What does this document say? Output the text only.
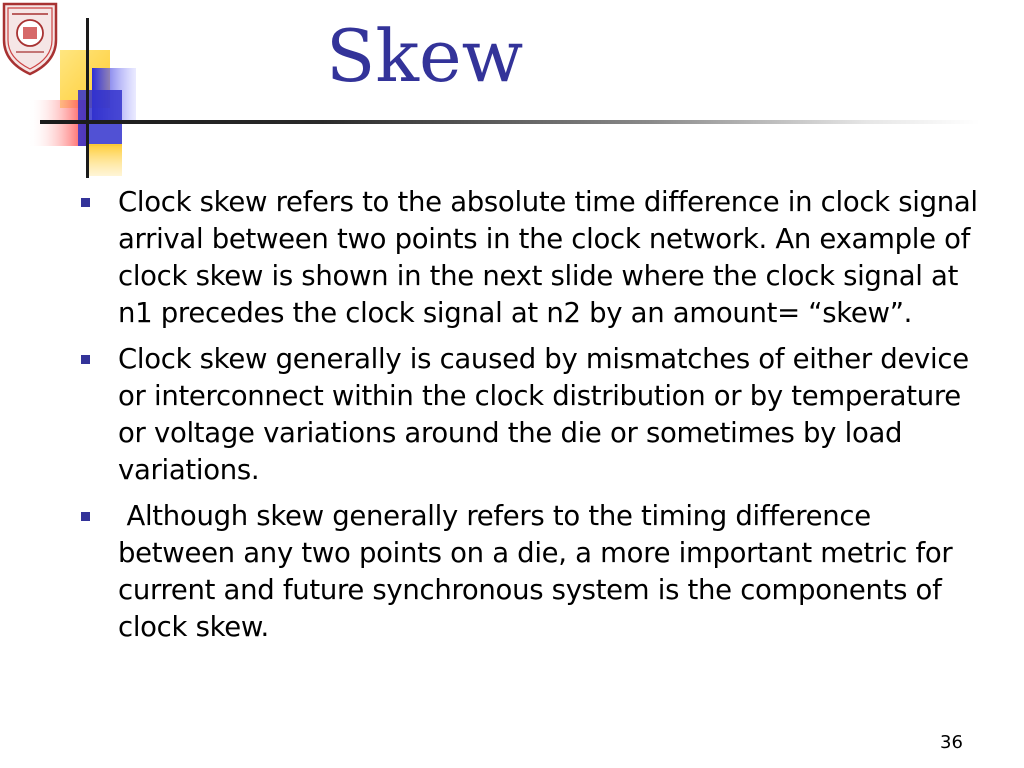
Skew
Clock skew refers to the absolute time difference in clock signal arrival between two points in the clock network. An example of clock skew is shown in the next slide where the clock signal at n1 precedes the clock signal at n2 by an amount= “skew”.
Clock skew generally is caused by mismatches of either device or interconnect within the clock distribution or by temperature or voltage variations around the die or sometimes by load variations.
Although skew generally refers to the timing difference between any two points on a die, a more important metric for current and future synchronous system is the components of clock skew.
36
